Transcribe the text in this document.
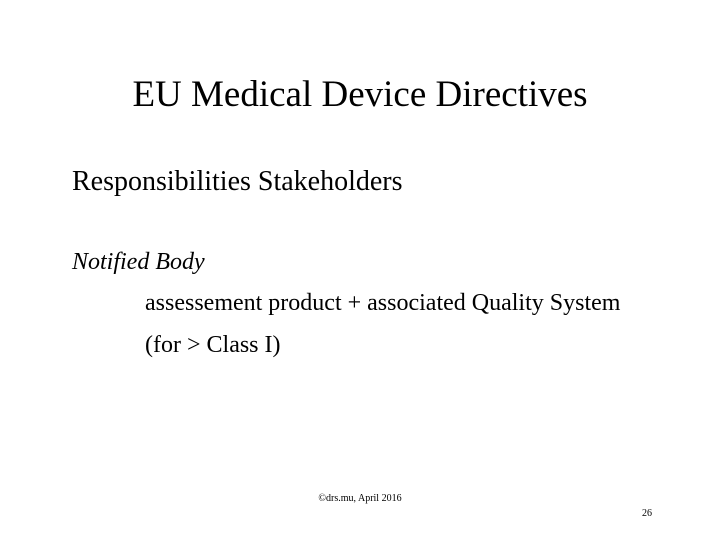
EU Medical Device Directives
Responsibilities Stakeholders
Notified Body
assessement product + associated Quality System
(for > Class I)
©drs.mu, April 2016
26
